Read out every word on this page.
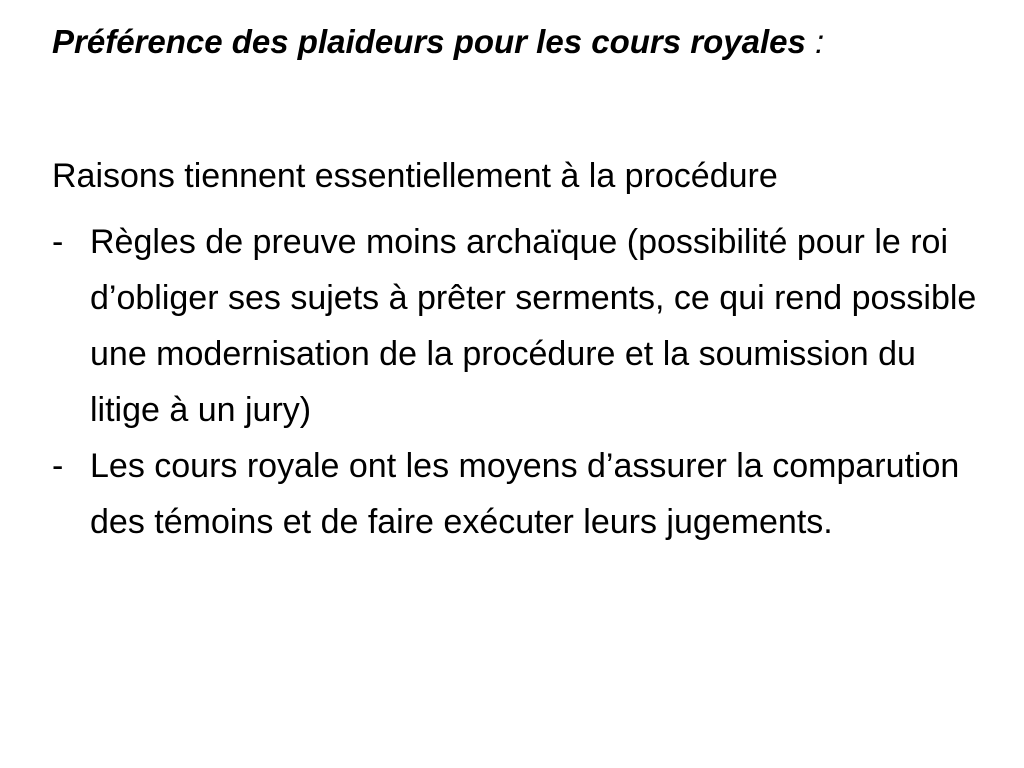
Préférence des plaideurs pour les cours royales :

Raisons tiennent essentiellement à la procédure

- Règles de preuve moins archaïque (possibilité pour le roi d’obliger ses sujets à prêter serments, ce qui rend possible une modernisation de la procédure et la soumission du litige à un jury)
- Les cours royale ont les moyens d’assurer la comparution des témoins et de faire exécuter leurs jugements.
